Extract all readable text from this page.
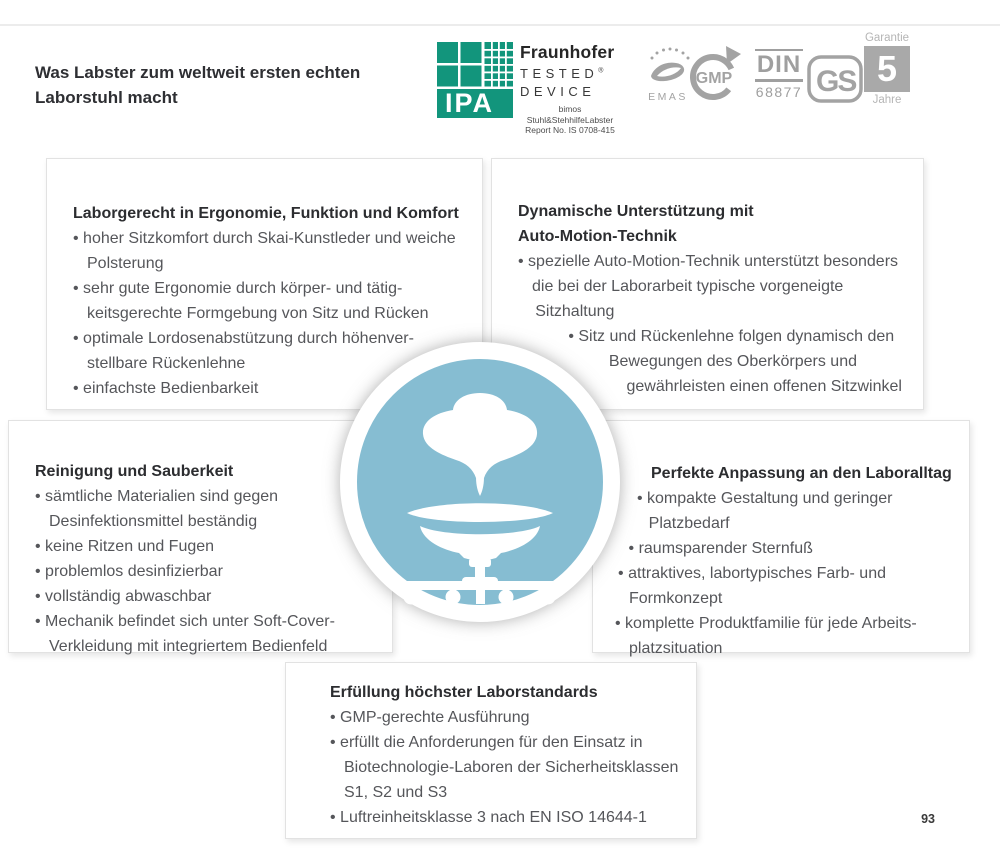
Was Labster zum weltweit ersten echten Laborstuhl macht	IPA
Fraunhofer
TESTED®
DEVICE
bimos
Stuhl&StehhilfeLabster
Report No. IS 0708-415
EMAS
GMP
DIN
68877 GS
Garantie
5
Jahre
Laborgerecht in Ergonomie, Funktion und Komfort
• hoher Sitzkomfort durch Skai-Kunstleder und weiche Polsterung
• sehr gute Ergonomie durch körper- und tätigkeitsgerechte Formgebung von Sitz und Rücken
• optimale Lordosenabstützung durch höhenverstellbare Rückenlehne
• einfachste Bedienbarkeit
Dynamische Unterstützung mit Auto-Motion-Technik
• spezielle Auto-Motion-Technik unterstützt besonders die bei der Laborarbeit typische vorgeneigte Sitzhaltung
• Sitz und Rückenlehne folgen dynamisch den Bewegungen des Oberkörpers und gewährleisten einen offenen Sitzwinkel
Reinigung und Sauberkeit
• sämtliche Materialien sind gegen Desinfektionsmittel beständig
• keine Ritzen und Fugen
• problemlos desinfizierbar
• vollständig abwaschbar
• Mechanik befindet sich unter Soft-Cover-Verkleidung mit integriertem Bedienfeld
Perfekte Anpassung an den Laboralltag
• kompakte Gestaltung und geringer Platzbedarf
• raumsparender Sternfuß
• attraktives, labortypisches Farb- und Formkonzept
• komplette Produktfamilie für jede Arbeitsplatzsituation
Erfüllung höchster Laborstandards
• GMP-gerechte Ausführung
• erfüllt die Anforderungen für den Einsatz in Biotechnologie-Laboren der Sicherheitsklassen S1, S2 und S3
• Luftreinheitsklasse 3 nach EN ISO 14644-1	93
